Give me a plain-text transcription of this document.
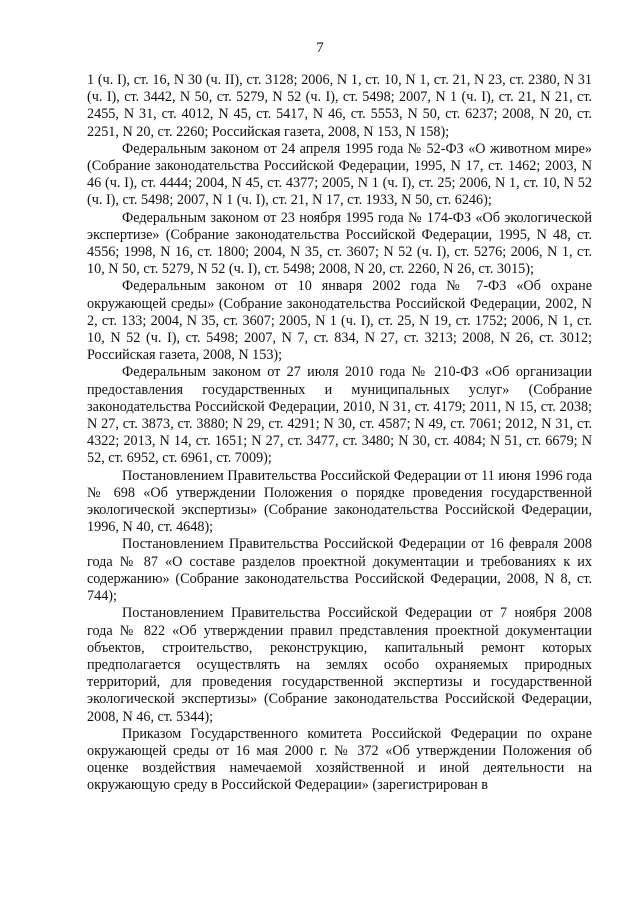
7

1 (ч. I), ст. 16, N 30 (ч. II), ст. 3128; 2006, N 1, ст. 10, N 1, ст. 21, N 23, ст. 2380, N 31 (ч. I), ст. 3442, N 50, ст. 5279, N 52 (ч. I), ст. 5498; 2007, N 1 (ч. I), ст. 21, N 21, ст. 2455, N 31, ст. 4012, N 45, ст. 5417, N 46, ст. 5553, N 50, ст. 6237; 2008, N 20, ст. 2251, N 20, ст. 2260; Российская газета, 2008, N 153, N 158);

Федеральным законом от 24 апреля 1995 года № 52-ФЗ «О животном мире» (Собрание законодательства Российской Федерации, 1995, N 17, ст. 1462; 2003, N 46 (ч. I), ст. 4444; 2004, N 45, ст. 4377; 2005, N 1 (ч. I), ст. 25; 2006, N 1, ст. 10, N 52 (ч. I), ст. 5498; 2007, N 1 (ч. I), ст. 21, N 17, ст. 1933, N 50, ст. 6246);

Федеральным законом от 23 ноября 1995 года № 174-ФЗ «Об экологической экспертизе» (Собрание законодательства Российской Федерации, 1995, N 48, ст. 4556; 1998, N 16, ст. 1800; 2004, N 35, ст. 3607; N 52 (ч. I), ст. 5276; 2006, N 1, ст. 10, N 50, ст. 5279, N 52 (ч. I), ст. 5498; 2008, N 20, ст. 2260, N 26, ст. 3015);

Федеральным законом от 10 января 2002 года № 7-ФЗ «Об охране окружающей среды» (Собрание законодательства Российской Федерации, 2002, N 2, ст. 133; 2004, N 35, ст. 3607; 2005, N 1 (ч. I), ст. 25, N 19, ст. 1752; 2006, N 1, ст. 10, N 52 (ч. I), ст. 5498; 2007, N 7, ст. 834, N 27, ст. 3213; 2008, N 26, ст. 3012; Российская газета, 2008, N 153);

Федеральным законом от 27 июля 2010 года № 210-ФЗ «Об организации предоставления государственных и муниципальных услуг» (Собрание законодательства Российской Федерации, 2010, N 31, ст. 4179; 2011, N 15, ст. 2038; N 27, ст. 3873, ст. 3880; N 29, ст. 4291; N 30, ст. 4587; N 49, ст. 7061; 2012, N 31, ст. 4322; 2013, N 14, ст. 1651; N 27, ст. 3477, ст. 3480; N 30, ст. 4084; N 51, ст. 6679; N 52, ст. 6952, ст. 6961, ст. 7009);

Постановлением Правительства Российской Федерации от 11 июня 1996 года № 698 «Об утверждении Положения о порядке проведения государственной экологической экспертизы» (Собрание законодательства Российской Федерации, 1996, N 40, ст. 4648);

Постановлением Правительства Российской Федерации от 16 февраля 2008 года № 87 «О составе разделов проектной документации и требованиях к их содержанию» (Собрание законодательства Российской Федерации, 2008, N 8, ст. 744);

Постановлением Правительства Российской Федерации от 7 ноября 2008 года № 822 «Об утверждении правил представления проектной документации объектов, строительство, реконструкцию, капитальный ремонт которых предполагается осуществлять на землях особо охраняемых природных территорий, для проведения государственной экспертизы и государственной экологической экспертизы» (Собрание законодательства Российской Федерации, 2008, N 46, ст. 5344);

Приказом Государственного комитета Российской Федерации по охране окружающей среды от 16 мая 2000 г. № 372 «Об утверждении Положения об оценке воздействия намечаемой хозяйственной и иной деятельности на окружающую среду в Российской Федерации» (зарегистрирован в
